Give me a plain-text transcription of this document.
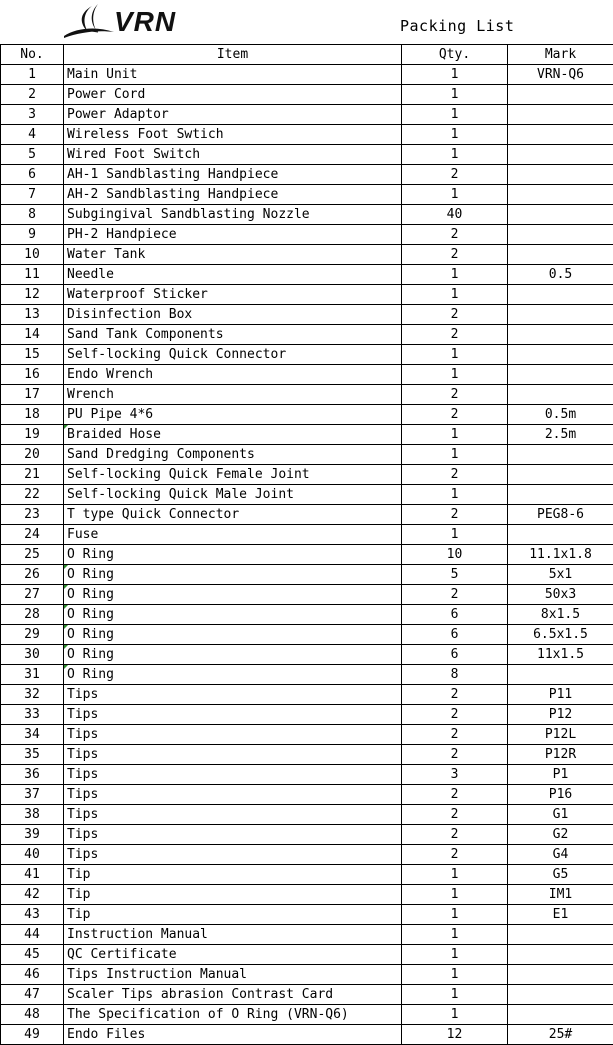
VRN	Packing List
No.	Item	Qty.	Mark
1	Main Unit	1	VRN-Q6
2	Power Cord	1	
3	Power Adaptor	1	
4	Wireless Foot Swtich	1	
5	Wired Foot Switch	1	
6	AH-1 Sandblasting Handpiece	2	
7	AH-2 Sandblasting Handpiece	1	
8	Subgingival Sandblasting Nozzle	40	
9	PH-2 Handpiece	2	
10	Water Tank	2	
11	Needle	1	0.5
12	Waterproof Sticker	1	
13	Disinfection Box	2	
14	Sand Tank Components	2	
15	Self-locking Quick Connector	1	
16	Endo Wrench	1	
17	Wrench	2	
18	PU Pipe 4*6	2	0.5m
19	Braided Hose	1	2.5m
20	Sand Dredging Components	1	
21	Self-locking Quick Female Joint	2	
22	Self-locking Quick Male Joint	1	
23	T type Quick Connector	2	PEG8-6
24	Fuse	1	
25	O Ring	10	11.1x1.8
26	O Ring	5	5x1
27	O Ring	2	50x3
28	O Ring	6	8x1.5
29	O Ring	6	6.5x1.5
30	O Ring	6	11x1.5
31	O Ring	8	
32	Tips	2	P11
33	Tips	2	P12
34	Tips	2	P12L
35	Tips	2	P12R
36	Tips	3	P1
37	Tips	2	P16
38	Tips	2	G1
39	Tips	2	G2
40	Tips	2	G4
41	Tip	1	G5
42	Tip	1	IM1
43	Tip	1	E1
44	Instruction Manual	1	
45	QC Certificate	1	
46	Tips Instruction Manual	1	
47	Scaler Tips abrasion Contrast Card	1	
48	The Specification of O Ring (VRN-Q6)	1	
49	Endo Files	12	25#
